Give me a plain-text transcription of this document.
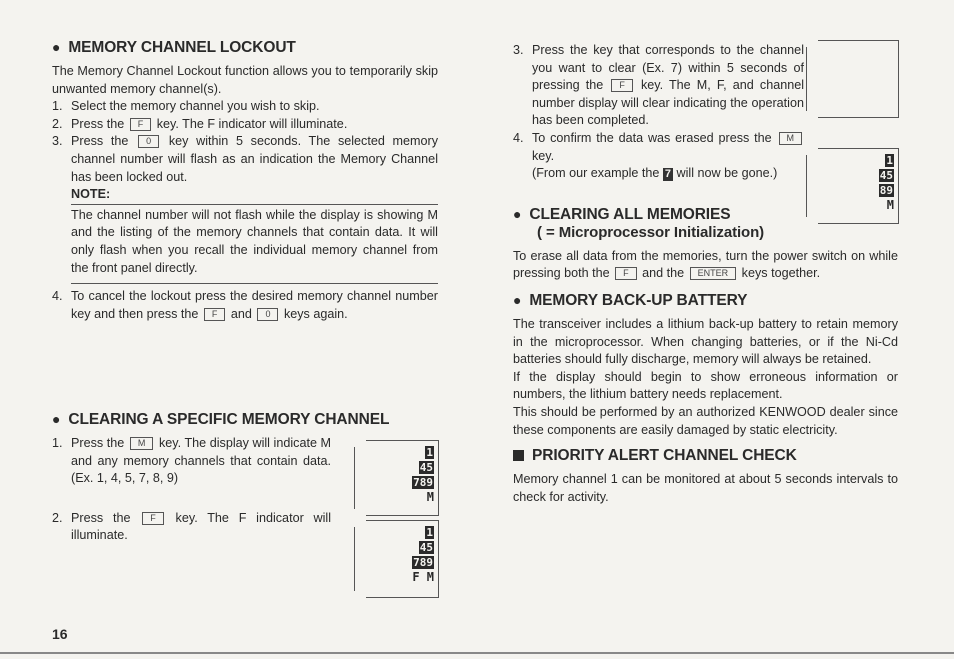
● MEMORY CHANNEL LOCKOUT

The Memory Channel Lockout function allows you to temporarily skip unwanted memory channel(s).

1. Select the memory channel you wish to skip.
2. Press the F key. The F indicator will illuminate.
3. Press the 0 key within 5 seconds. The selected memory channel number will flash as an indication the Memory Channel has been locked out.
NOTE:

The channel number will not flash while the display is showing M and the listing of the memory channels that contain data. It will only flash when you recall the individual memory channel from the front panel directly.

4. To cancel the lockout press the desired memory channel number key and then press the F and 0 keys again.
● CLEARING A SPECIFIC MEMORY CHANNEL
1. Press the M key. The display will indicate M and any memory channels that contain data. (Ex. 1, 4, 5, 7, 8, 9)
2. Press the F key. The F indicator will illuminate.
1
45
789
M
1
45
789
F M
3. Press the key that corresponds to the channel you want to clear (Ex. 7) within 5 seconds of pressing the F key. The M, F, and channel number display will clear indicating the operation has been completed.
4. To confirm the data was erased press the M key.
(From our example the 7 will now be gone.)
● CLEARING ALL MEMORIES
( = Microprocessor Initialization)

To erase all data from the memories, turn the power switch on while pressing both the F and the ENTER keys together.

● MEMORY BACK-UP BATTERY

The transceiver includes a lithium back-up battery to retain memory in the microprocessor. When changing batteries, or if the Ni-Cd batteries should fully discharge, memory will always be retained.

If the display should begin to show erroneous information or numbers, the lithium battery needs replacement.

This should be performed by an authorized KENWOOD dealer since these components are easily damaged by static electricity.

PRIORITY ALERT CHANNEL CHECK

Memory channel 1 can be monitored at about 5 seconds intervals to check for activity.

1
45
89
M
16
